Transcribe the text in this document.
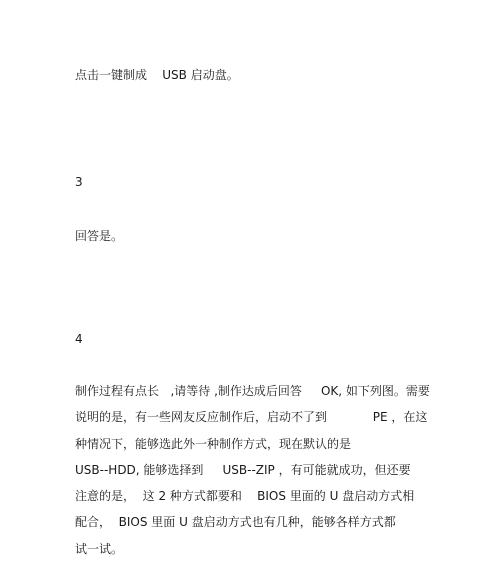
点击一键制成    USB 启动盘。
3
回答是。
4
制作过程有点长   ,请等待 ,制作达成后回答     OK, 如下列图。需要
说明的是，有一些网友反应制作后，启动不了到            PE ，在这
种情况下，能够选此外一种制作方式，现在默认的是
USB--HDD, 能够选择到     USB--ZIP ，有可能就成功，但还要
注意的是，  这 2 种方式都要和    BIOS 里面的 U 盘启动方式相
配合，  BIOS 里面 U 盘启动方式也有几种，能够各样方式都
试一试。
